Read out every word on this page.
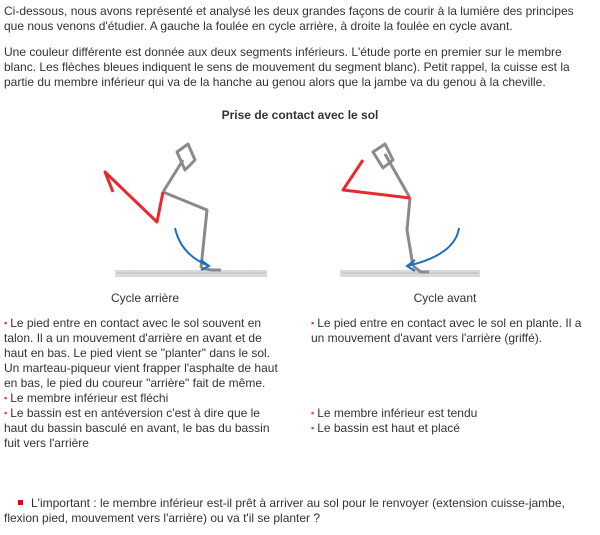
Ci-dessous, nous avons représenté et analysé les deux grandes façons de courir à la lumière des principes que nous venons d'étudier. A gauche la foulée en cycle arrière, à droite la foulée en cycle avant.

Une couleur différente est donnée aux deux segments inférieurs. L'étude porte en premier sur le membre blanc. Les flèches bleues indiquent le sens de mouvement du segment blanc). Petit rappel, la cuisse est la partie du membre inférieur qui va de la hanche au genou alors que la jambe va du genou à la cheville.

Prise de contact avec le sol
Cycle arrière	Cycle avant

▪ Le pied entre en contact avec le sol souvent en talon. Il a un mouvement d'arrière en avant et de haut en bas. Le pied vient se "planter" dans le sol. Un marteau-piqueur vient frapper l'asphalte de haut en bas, le pied du coureur "arrière" fait de même.

▪ Le membre inférieur est fléchi

▪ Le bassin est en antéversion c'est à dire que le haut du bassin basculé en avant, le bas du bassin fuit vers l'arrière

▪ Le pied entre en contact avec le sol en plante. Il a un mouvement d'avant vers l'arrière (griffé).

▪ Le membre inférieur est tendu

▪ Le bassin est haut et placé

L'important : le membre inférieur est-il prêt à arriver au sol pour le renvoyer (extension cuisse-jambe, flexion pied, mouvement vers l'arrière) ou va t'il se planter ?
